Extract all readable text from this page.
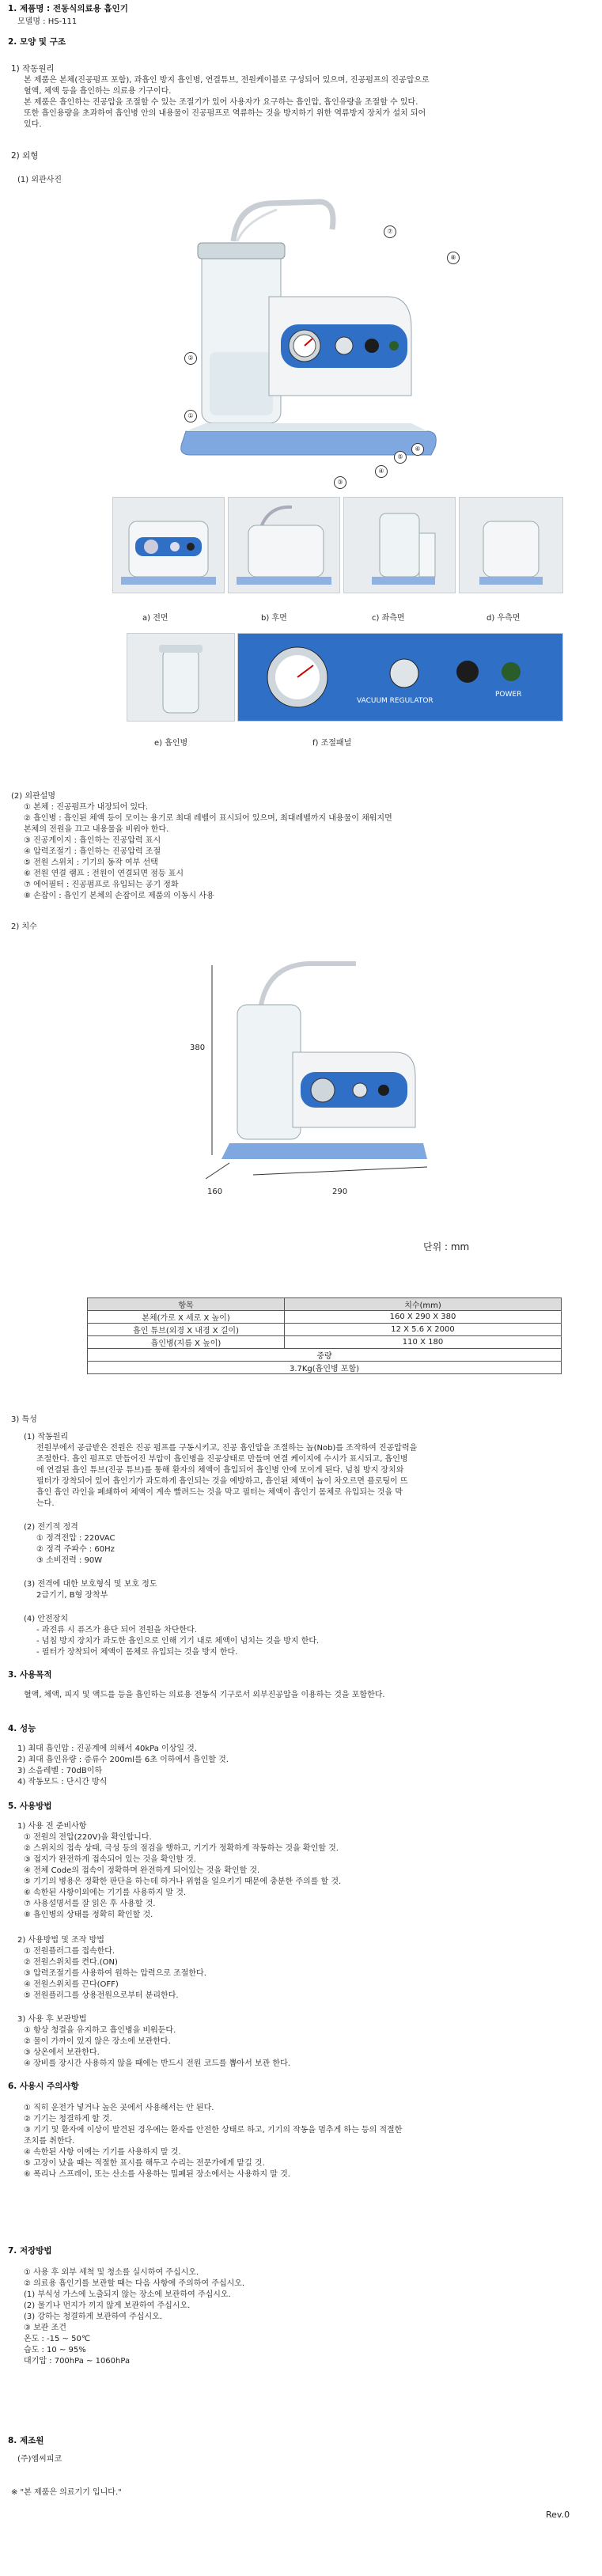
1. 제품명 : 전동식의료용 흡인기
모델명 : HS-111
2. 모양 및 구조
1) 작동원리
본 제품은 본체(진공펌프 포함), 과흡인 방지 흡인병, 연결튜브, 전원케이블로 구성되어 있으며, 진공펌프의 진공압으로
혈액, 체액 등을 흡인하는 의료용 기구이다.
본 제품은 흡인하는 진공압을 조절할 수 있는 조절기가 있어 사용자가 요구하는 흡인압, 흡인유량을 조절할 수 있다.
또한 흡인용량을 초과하여 흡인병 안의 내용물이 진공펌프로 역류하는 것을 방지하기 위한 역류방지 장치가 설치 되어
있다.
2) 외형
(1) 외관사진
⑦
⑧
②
①
③
④
⑤
⑥
a) 전면	b) 후면	c) 좌측면	d) 우측면
VACUUM REGULATOR
POWER
e) 흡인병	f) 조절패널
(2) 외관설명
① 본체 : 진공펌프가 내장되어 있다.
② 흡인병 : 흡인된 체액 등이 모이는 용기로 최대 레벨이 표시되어 있으며, 최대레벨까지 내용물이 채워지면
본체의 전원을 끄고 내용물을 비워야 한다.
③ 진공게이지 : 흡인하는 진공압력 표시
④ 압력조절기 : 흡인하는 진공압력 조절
⑤ 전원 스위치 : 기기의 동작 여부 선택
⑥ 전원 연결 램프 : 전원이 연결되면 점등 표시
⑦ 에어필터 : 진공펌프로 유입되는 공기 정화
⑧ 손잡이 : 흡인기 본체의 손잡이로 제품의 이동시 사용
2) 치수
380
160	290
단위 : mm
항목	치수(mm)
본체(가로 X 세로 X 높이)	160 X 290 X 380
흡인 튜브(외경 X 내경 X 길이)	12 X 5.6 X 2000
흡인병(지름 X 높이)	110 X 180
중량	
3.7Kg(흡인병 포함)	
3) 특성
(1) 작동원리
전원부에서 공급받은 전원은 진공 펌프를 구동시키고, 진공 흡인압을 조절하는 놉(Nob)를 조작하여 진공압력을
조절한다. 흡인 펌프로 만들어진 부압이 흡인병을 진공상태로 만들며 연결 케이지에 수시가 표시되고, 흡인병
에 연결된 흡인 튜브(진공 튜브)를 통해 환자의 체액이 흡입되어 흡인병 안에 모이게 된다. 넘침 방지 장치와
필터가 장착되어 있어 흡인기가 과도하게 흡인되는 것을 예방하고, 흡인된 체액이 놉이 차오르면 플로팅이 뜨
흡인 흡인 라인을 폐쇄하여 체액이 계속 빨려드는 것을 막고 필터는 체액이 흡인기 몸체로 유입되는 것을 막
는다.
(2) 전기적 정격
① 정격전압 : 220VAC
② 정격 주파수 : 60Hz
③ 소비전력 : 90W
(3) 전격에 대한 보호형식 및 보호 정도
2급기기, B형 장착부
(4) 안전장치
- 과전류 시 퓨즈가 용단 되어 전원을 차단한다.
- 넘침 방지 장치가 과도한 흡인으로 인해 기기 내로 체액이 넘치는 것을 방지 한다.
- 필터가 장착되어 체액이 몸체로 유입되는 것을 방지 한다.
3. 사용목적
혈액, 체액, 피지 및 액드를 등을 흡인하는 의료용 전동식 기구로서 외부진공압을 이용하는 것을 포함한다.
4. 성능
1) 최대 흡인압 : 진공계에 의해서 40kPa 이상일 것.
2) 최대 흡인유량 : 증류수 200ml를 6초 이하에서 흡인할 것.
3) 소음레벨 : 70dB이하
4) 작동모드 : 단시간 방식
5. 사용방법
1) 사용 전 준비사항
① 전원의 전압(220V)을 확인합니다.
② 스위치의 접속 상태, 극성 등의 점검을 행하고, 기기가 정확하게 작동하는 것을 확인할 것.
③ 접지가 완전하게 접속되어 있는 것을 확인할 것.
④ 전체 Code의 접속이 정확하며 완전하게 되어있는 것을 확인할 것.
⑤ 기기의 병용은 정확한 판단을 하는데 하거나 위험을 일으키기 때문에 충분한 주의를 할 것.
⑥ 속한된 사항이외에는 기기를 사용하지 말 것.
⑦ 사용설명서를 잘 읽은 후 사용할 것.
⑧ 흡인병의 상태를 정확히 확인할 것.
2) 사용방법 및 조작 방법
① 전원플러그를 접속한다.
② 전원스위치를 켠다.(ON)
③ 압력조절기를 사용하여 원하는 압력으로 조절한다.
④ 전원스위치를 끈다(OFF)
⑤ 전원플러그를 상용전원으로부터 분리한다.
3) 사용 후 보관방법
① 항상 청결을 유지하고 흡인병을 비워둔다.
② 물이 가까이 있지 않은 장소에 보관한다.
③ 상온에서 보관한다.
④ 장비를 장시간 사용하지 않을 때에는 반드시 전원 코드를 뽑아서 보관 한다.
6. 사용시 주의사항
① 직히 운전가 넣거나 높은 곳에서 사용해서는 안 된다.
② 기기는 청결하게 할 것.
③ 기기 및 환자에 이상이 발견된 경우에는 환자를 안전한 상태로 하고, 기기의 작동을 멈추게 하는 등의 적절한
조치를 취한다.
④ 속한된 사항 이에는 기기를 사용하지 말 것.
⑤ 고장이 났을 때는 적절한 표시를 해두고 수리는 전문가에게 맡길 것.
⑥ 폭리나 스프레이, 또는 산소를 사용하는 밀폐된 장소에서는 사용하지 말 것.
7. 저장방법
① 사용 후 외부 세척 및 청소를 실시하여 주십시오.
② 의료용 흡인기를 보관할 때는 다음 사항에 주의하여 주십시오.
(1) 부식성 가스에 노출되지 않는 장소에 보관하여 주십시오.
(2) 물기나 먼지가 끼지 않게 보관하여 주십시오.
(3) 강하는 청결하게 보관하여 주십시오.
③ 보관 조건
온도 : -15 ~ 50℃
습도 : 10 ~ 95%
대기압 : 700hPa ~ 1060hPa
8. 제조원
(주)엠씨피코
※ "본 제품은 의료기기 입니다."
Rev.0
